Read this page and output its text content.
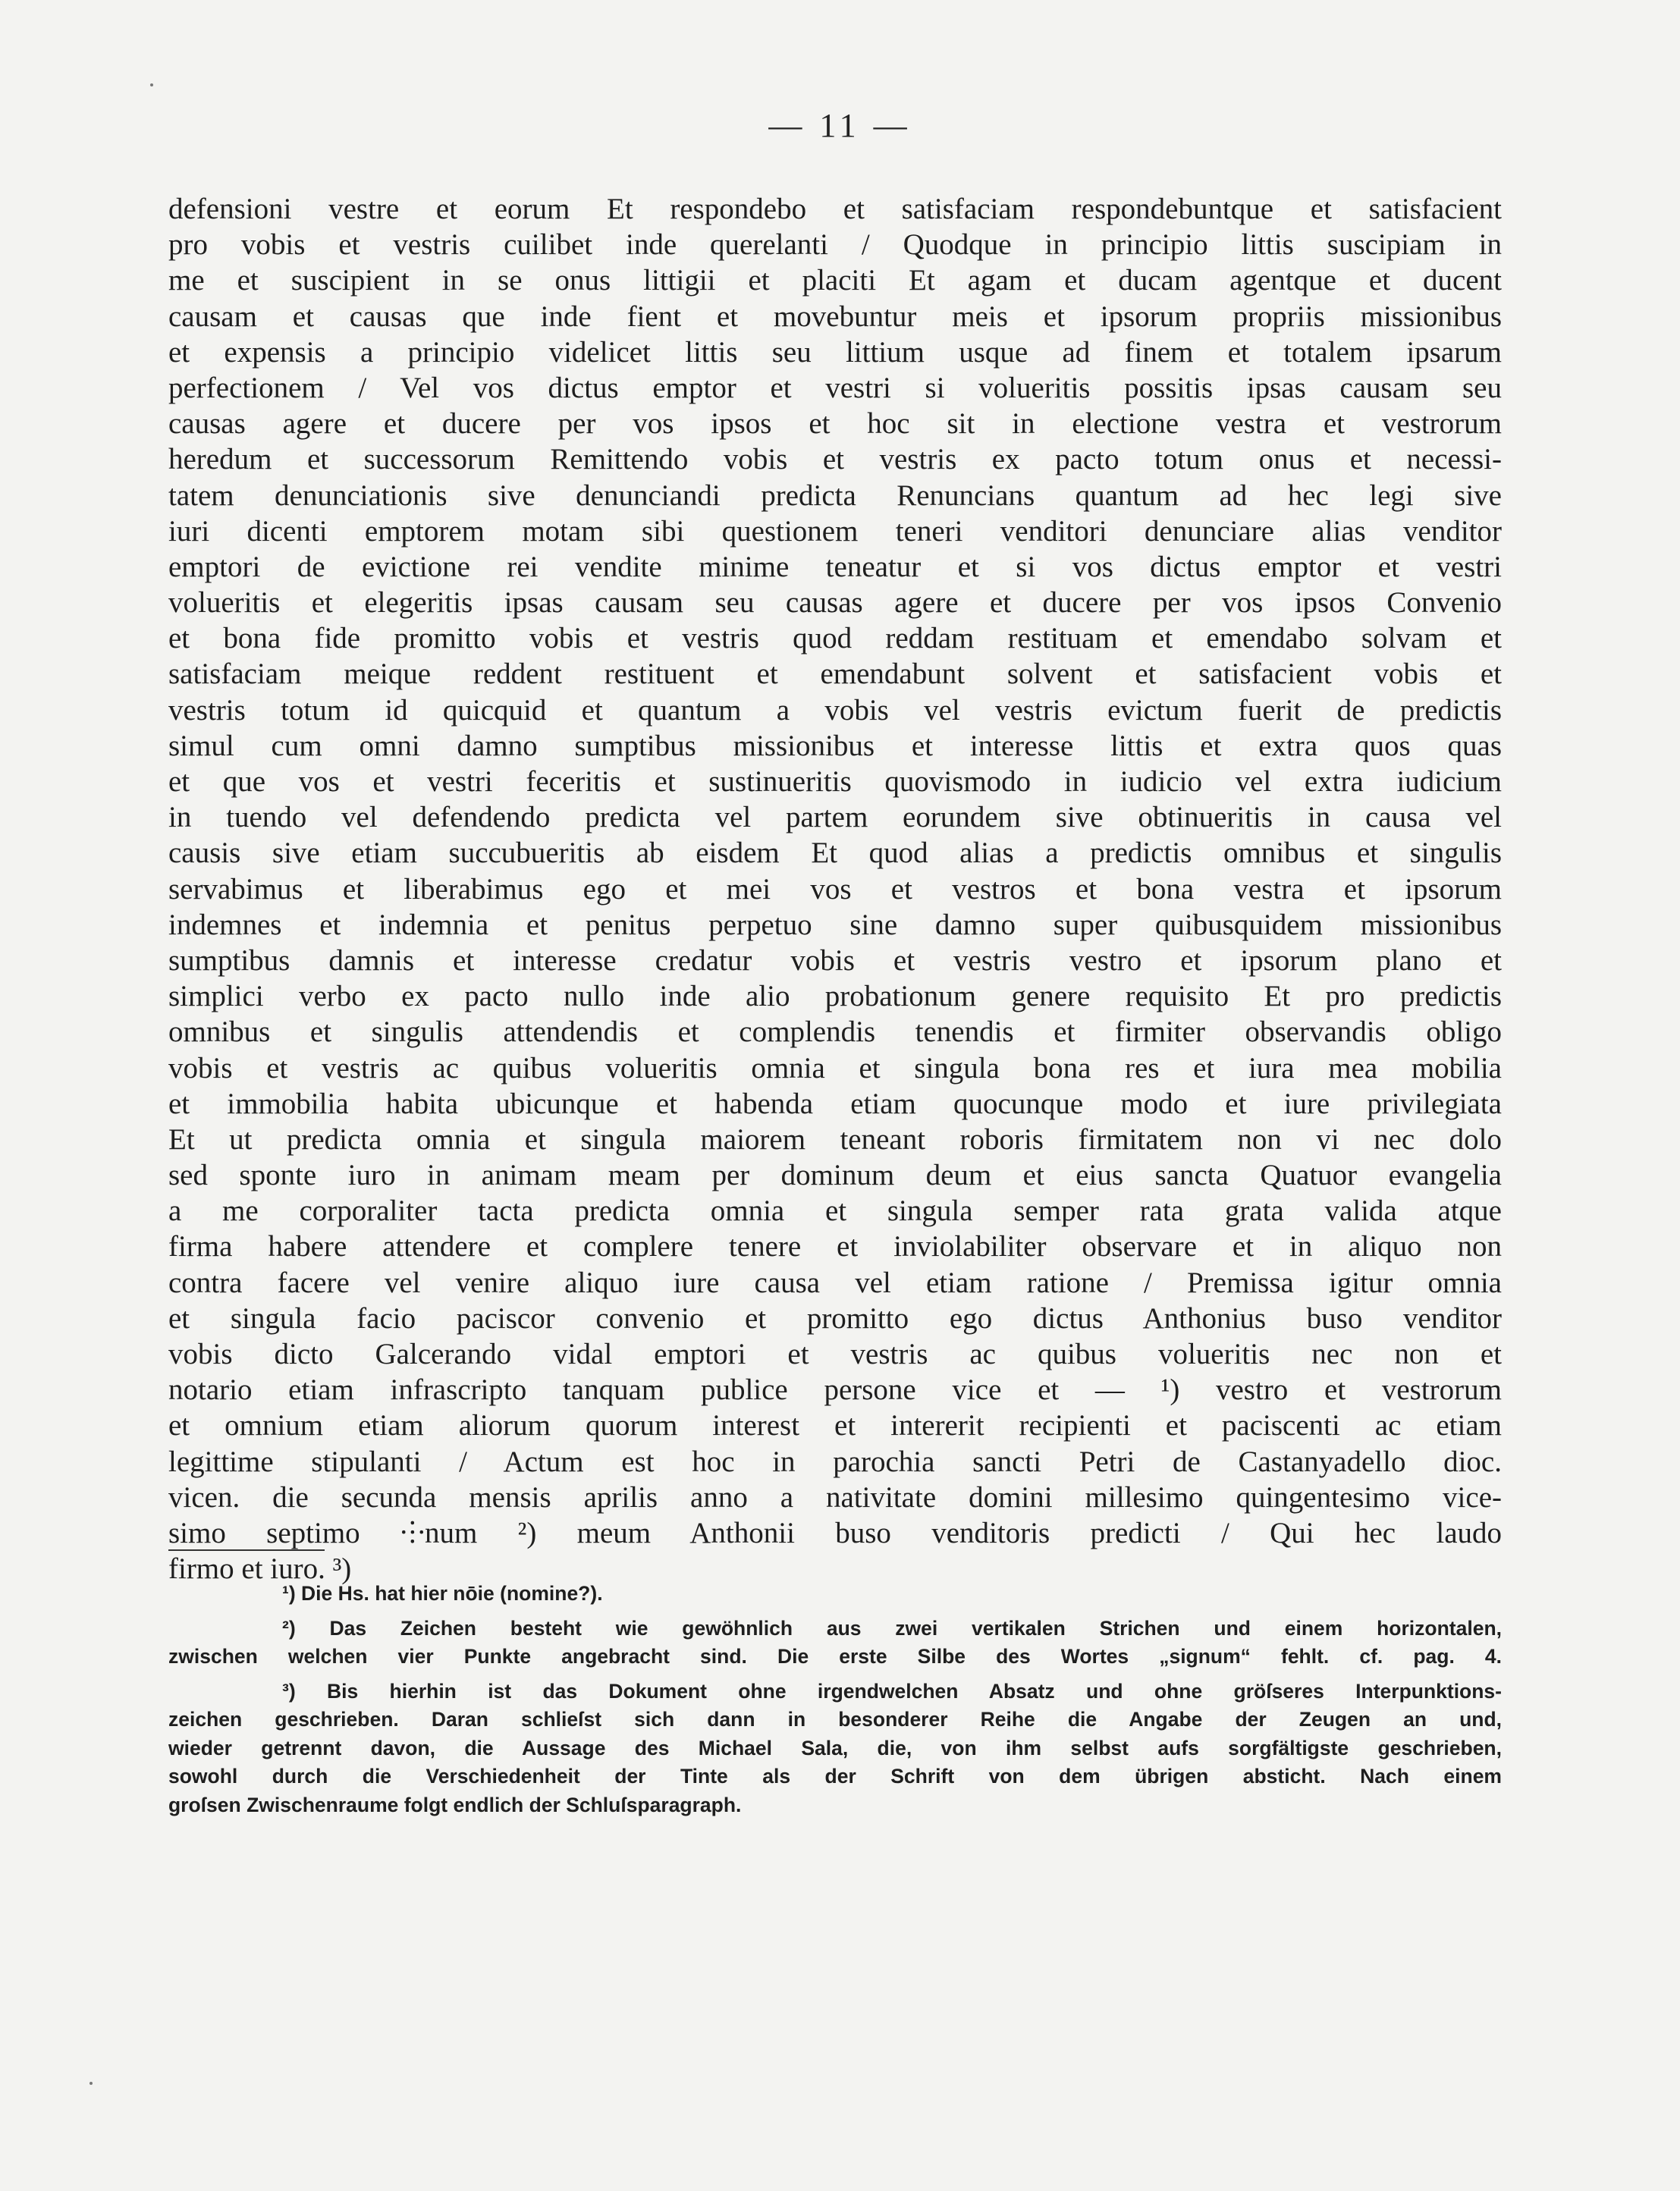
— 11 —
defensioni vestre et eorum Et respondebo et satisfaciam respondebuntque et satisfacient
pro vobis et vestris cuilibet inde querelanti / Quodque in principio littis suscipiam in
me et suscipient in se onus littigii et placiti Et agam et ducam agentque et ducent
causam et causas que inde fient et movebuntur meis et ipsorum propriis missionibus
et expensis a principio videlicet littis seu littium usque ad finem et totalem ipsarum
perfectionem / Vel vos dictus emptor et vestri si volueritis possitis ipsas causam seu
causas agere et ducere per vos ipsos et hoc sit in electione vestra et vestrorum
heredum et successorum Remittendo vobis et vestris ex pacto totum onus et necessi-
tatem denunciationis sive denunciandi predicta Renuncians quantum ad hec legi sive
iuri dicenti emptorem motam sibi questionem teneri venditori denunciare alias venditor
emptori de evictione rei vendite minime teneatur et si vos dictus emptor et vestri
volueritis et elegeritis ipsas causam seu causas agere et ducere per vos ipsos Convenio
et bona fide promitto vobis et vestris quod reddam restituam et emendabo solvam et
satisfaciam meique reddent restituent et emendabunt solvent et satisfacient vobis et
vestris totum id quicquid et quantum a vobis vel vestris evictum fuerit de predictis
simul cum omni damno sumptibus missionibus et interesse littis et extra quos quas
et que vos et vestri feceritis et sustinueritis quovismodo in iudicio vel extra iudicium
in tuendo vel defendendo predicta vel partem eorundem sive obtinueritis in causa vel
causis sive etiam succubueritis ab eisdem Et quod alias a predictis omnibus et singulis
servabimus et liberabimus ego et mei vos et vestros et bona vestra et ipsorum
indemnes et indemnia et penitus perpetuo sine damno super quibusquidem missionibus
sumptibus damnis et interesse credatur vobis et vestris vestro et ipsorum plano et
simplici verbo ex pacto nullo inde alio probationum genere requisito Et pro predictis
omnibus et singulis attendendis et complendis tenendis et firmiter observandis obligo
vobis et vestris ac quibus volueritis omnia et singula bona res et iura mea mobilia
et immobilia habita ubicunque et habenda etiam quocunque modo et iure privilegiata
Et ut predicta omnia et singula maiorem teneant roboris firmitatem non vi nec dolo
sed sponte iuro in animam meam per dominum deum et eius sancta Quatuor evangelia
a me corporaliter tacta predicta omnia et singula semper rata grata valida atque
firma habere attendere et complere tenere et inviolabiliter observare et in aliquo non
contra facere vel venire aliquo iure causa vel etiam ratione / Premissa igitur omnia
et singula facio paciscor convenio et promitto ego dictus Anthonius buso venditor
vobis dicto Galcerando vidal emptori et vestris ac quibus volueritis nec non et
notario etiam infrascripto tanquam publice persone vice et — ¹) vestro et vestrorum
et omnium etiam aliorum quorum interest et intererit recipienti et paciscenti ac etiam
legittime stipulanti / Actum est hoc in parochia sancti Petri de Castanyadello dioc.
vicen. die secunda mensis aprilis anno a nativitate domini millesimo quingentesimo vice-
simo septimo ⸭num ²) meum Anthonii buso venditoris predicti / Qui hec laudo
firmo et iuro. ³)
¹) Die Hs. hat hier nōie (nomine?).
²) Das Zeichen besteht wie gewöhnlich aus zwei vertikalen Strichen und einem horizontalen,
zwischen welchen vier Punkte angebracht sind. Die erste Silbe des Wortes „signum“ fehlt. cf. pag. 4.
³) Bis hierhin ist das Dokument ohne irgendwelchen Absatz und ohne gröſseres Interpunktions-
zeichen geschrieben. Daran schlieſst sich dann in besonderer Reihe die Angabe der Zeugen an und,
wieder getrennt davon, die Aussage des Michael Sala, die, von ihm selbst aufs sorgfältigste geschrieben,
sowohl durch die Verschiedenheit der Tinte als der Schrift von dem übrigen absticht. Nach einem
groſsen Zwischenraume folgt endlich der Schluſsparagraph.
